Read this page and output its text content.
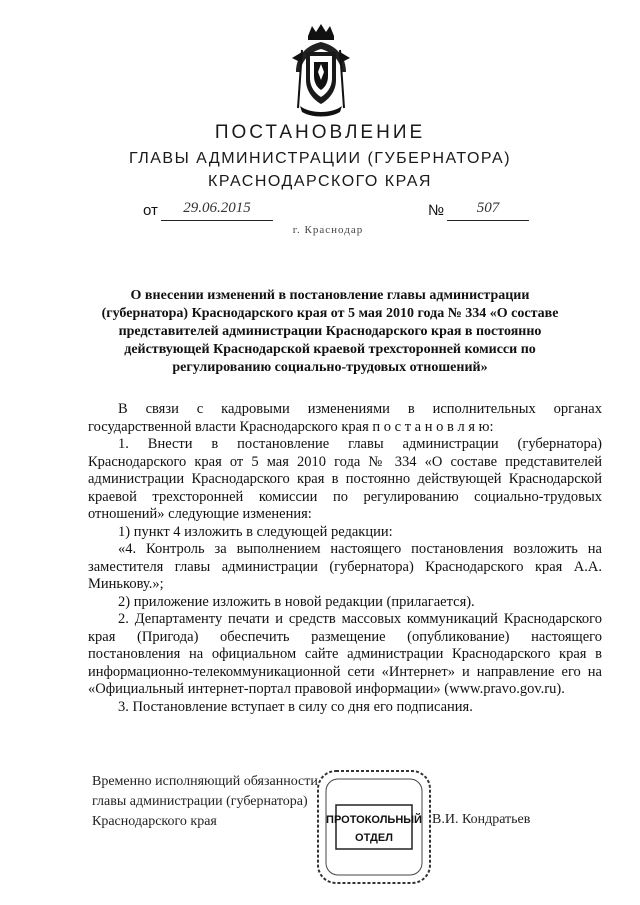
ПОСТАНОВЛЕНИЕ
ГЛАВЫ АДМИНИСТРАЦИИ (ГУБЕРНАТОРА)
КРАСНОДАРСКОГО КРАЯ
от	29.06.2015	№	507
г. Краснодар
О внесении изменений в постановление главы администрации (губернатора) Краснодарского края от 5 мая 2010 года № 334 «О составе представителей администрации Краснодарского края в постоянно действующей Краснодарской краевой трехсторонней комисси по регулированию социально-трудовых отношений»

В связи с кадровыми изменениями в исполнительных органах государственной власти Краснодарского края п о с т а н о в л я ю:

1. Внести в постановление главы администрации (губернатора) Краснодарского края от 5 мая 2010 года № 334 «О составе представителей администрации Краснодарского края в постоянно действующей Краснодарской краевой трехсторонней комиссии по регулированию социально-трудовых отношений» следующие изменения:

1) пункт 4 изложить в следующей редакции:

«4. Контроль за выполнением настоящего постановления возложить на заместителя главы администрации (губернатора) Краснодарского края А.А. Минькову.»;

2) приложение изложить в новой редакции (прилагается).

2. Департаменту печати и средств массовых коммуникаций Краснодарского края (Пригода) обеспечить размещение (опубликование) настоящего постановления на официальном сайте администрации Краснодарского края в информационно-телекоммуникационной сети «Интернет» и направление его на «Официальный интернет-портал правовой информации» (www.pravo.gov.ru).

3. Постановление вступает в силу со дня его подписания.

Временно исполняющий обязанности
главы администрации (губернатора)
Краснодарского края	ПРОТОКОЛЬНЫЙ
ОТДЕЛ
В.И. Кондратьев
